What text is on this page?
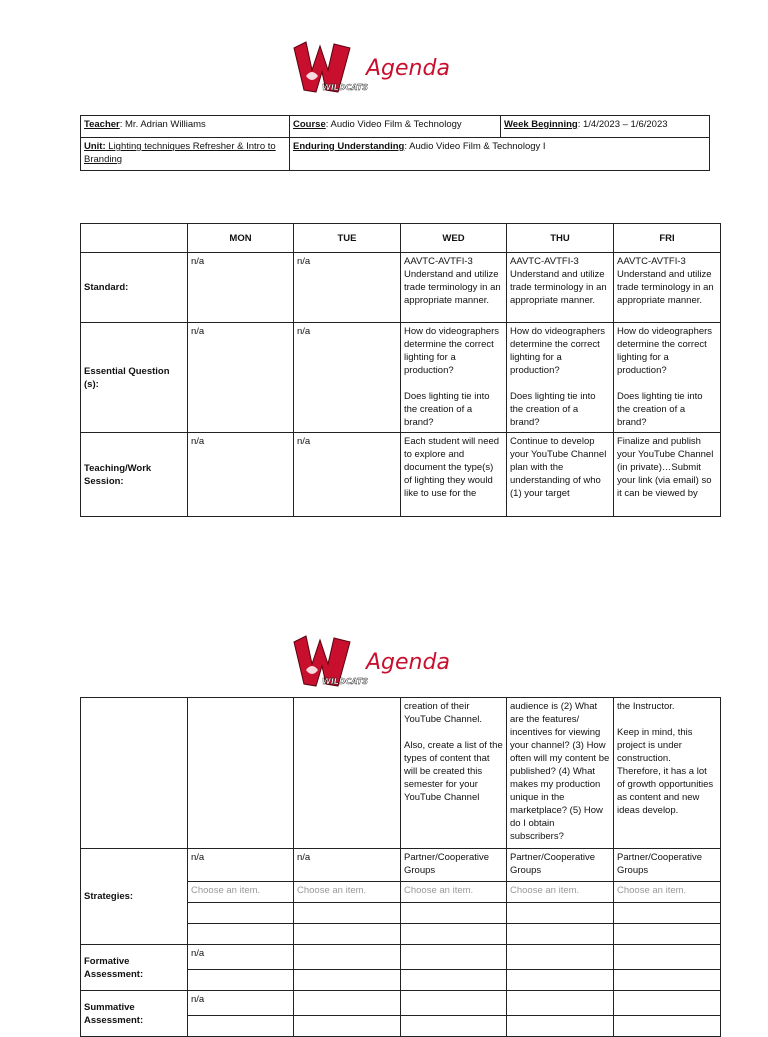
WILDCATS
Agenda
Teacher: Mr. Adrian Williams	Course: Audio Video Film & Technology	Week Beginning: 1/4/2023 – 1/6/2023
Unit: Lighting techniques Refresher & Intro to Branding	Enduring Understanding: Audio Video Film & Technology I	
	MON	TUE	WED	THU	FRI
Standard:	n/a	n/a	AAVTC-AVTFI-3
Understand and utilize trade terminology in an appropriate manner.	AAVTC-AVTFI-3
Understand and utilize trade terminology in an appropriate manner.	AAVTC-AVTFI-3
Understand and utilize trade terminology in an appropriate manner.
Essential Question (s):	n/a	n/a	How do videographers determine the correct lighting for a production?

Does lighting tie into the creation of a brand?	How do videographers determine the correct lighting for a production?

Does lighting tie into the creation of a brand?	How do videographers determine the correct lighting for a production?

Does lighting tie into the creation of a brand?
Teaching/Work Session:	n/a	n/a	Each student will need to explore and document the type(s) of lighting they would like to use for the	Continue to develop your YouTube Channel plan with the understanding of who (1) your target	Finalize and publish your YouTube Channel (in private)…Submit your link (via email) so it can be viewed by
WILDCATS
Agenda
			creation of their YouTube Channel.

Also, create a list of the types of content that will be created this semester for your YouTube Channel	audience is (2) What are the features/ incentives for viewing your channel? (3) How often will my content be published? (4) What makes my production unique in the marketplace? (5) How do I obtain subscribers?	the Instructor.

Keep in mind, this project is under construction. Therefore, it has a lot of growth opportunities as content and new ideas develop.
Strategies:	n/a	n/a	Partner/Cooperative Groups	Partner/Cooperative Groups	Partner/Cooperative Groups
	Choose an item.	Choose an item.	Choose an item.	Choose an item.	Choose an item.

Formative Assessment:	n/a				

Summative Assessment:	n/a				
